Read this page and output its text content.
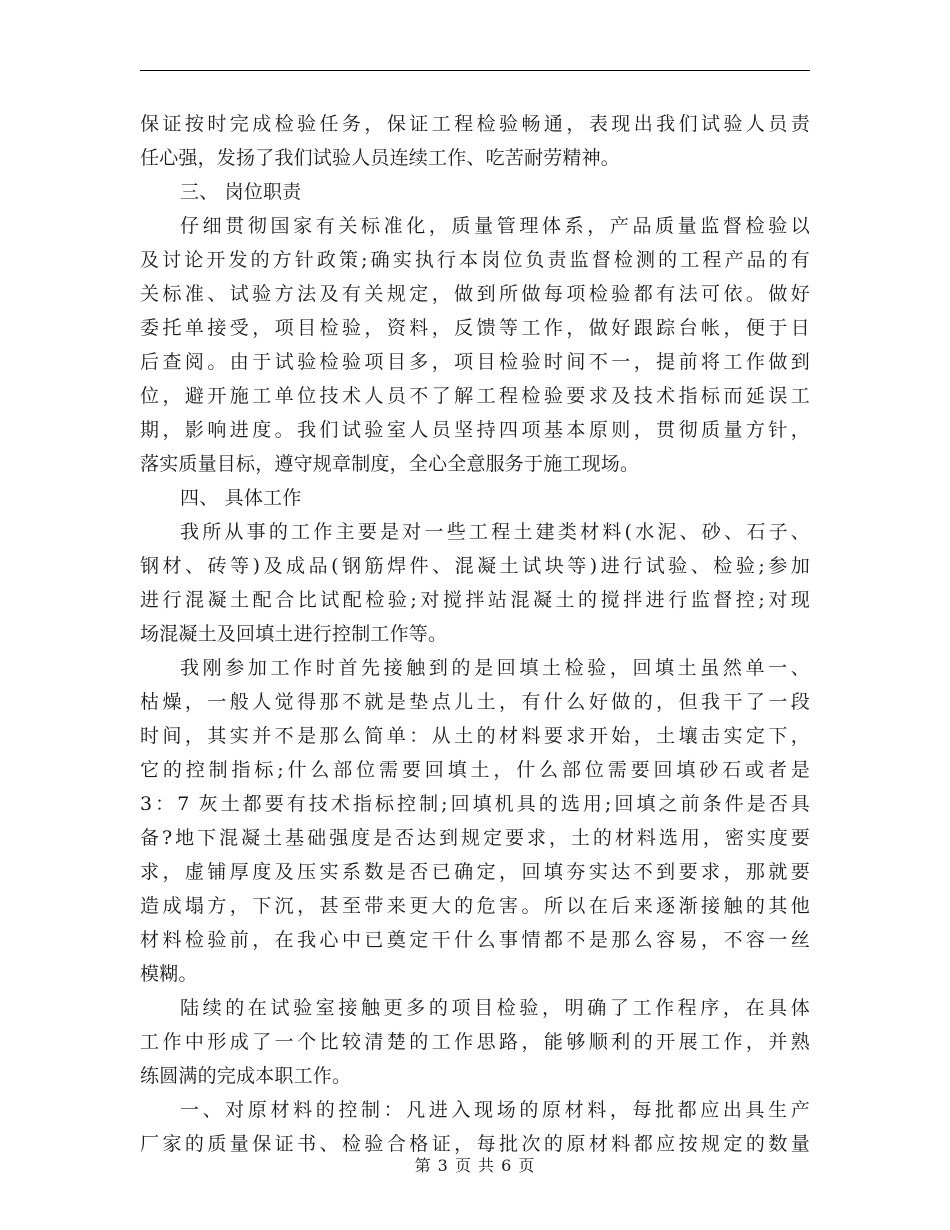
保证按时完成检验任务，保证工程检验畅通，表现出我们试验人员责
任心强，发扬了我们试验人员连续工作、吃苦耐劳精神。
三、 岗位职责
仔细贯彻国家有关标准化，质量管理体系，产品质量监督检验以
及讨论开发的方针政策;确实执行本岗位负责监督检测的工程产品的有
关标准、试验方法及有关规定，做到所做每项检验都有法可依。做好
委托单接受，项目检验，资料，反馈等工作，做好跟踪台帐，便于日
后查阅。由于试验检验项目多，项目检验时间不一，提前将工作做到
位，避开施工单位技术人员不了解工程检验要求及技术指标而延误工
期，影响进度。我们试验室人员坚持四项基本原则，贯彻质量方针，
落实质量目标，遵守规章制度，全心全意服务于施工现场。
四、 具体工作
我所从事的工作主要是对一些工程土建类材料(水泥、砂、石子、
钢材、砖等)及成品(钢筋焊件、混凝土试块等)进行试验、检验;参加
进行混凝土配合比试配检验;对搅拌站混凝土的搅拌进行监督控;对现
场混凝土及回填土进行控制工作等。
我刚参加工作时首先接触到的是回填土检验，回填土虽然单一、
枯燥，一般人觉得那不就是垫点儿土，有什么好做的，但我干了一段
时间，其实并不是那么简单：从土的材料要求开始，土壤击实定下，
它的控制指标;什么部位需要回填土，什么部位需要回填砂石或者是
3：7 灰土都要有技术指标控制;回填机具的选用;回填之前条件是否具
备?地下混凝土基础强度是否达到规定要求，土的材料选用，密实度要
求，虚铺厚度及压实系数是否已确定，回填夯实达不到要求，那就要
造成塌方，下沉，甚至带来更大的危害。所以在后来逐渐接触的其他
材料检验前，在我心中已奠定干什么事情都不是那么容易，不容一丝
模糊。
陆续的在试验室接触更多的项目检验，明确了工作程序，在具体
工作中形成了一个比较清楚的工作思路，能够顺利的开展工作，并熟
练圆满的完成本职工作。
一、对原材料的控制：凡进入现场的原材料，每批都应出具生产
厂家的质量保证书、检验合格证，每批次的原材料都应按规定的数量
第 3 页 共 6 页
